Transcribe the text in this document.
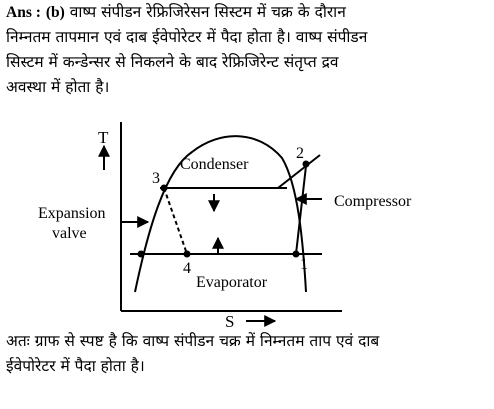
Ans : (b) वाष्प संपीडन रेफ्रिजिरेसन सिस्टम में चक्र के दौरान
निम्नतम तापमान एवं दाब ईवेपोरेटर में पैदा होता है। वाष्प संपीडन
सिस्टम में कन्डेन्सर से निकलने के बाद रेफ्रिजिरेन्ट संतृप्त द्रव
अवस्था में होता है।
T
S
1
2
3
4
Condenser
Evaporator
Compressor
Expansion
valve
अतः ग्राफ से स्पष्ट है कि वाष्प संपीडन चक्र में निम्नतम ताप एवं दाब
ईवेपोरेटर में पैदा होता है।
